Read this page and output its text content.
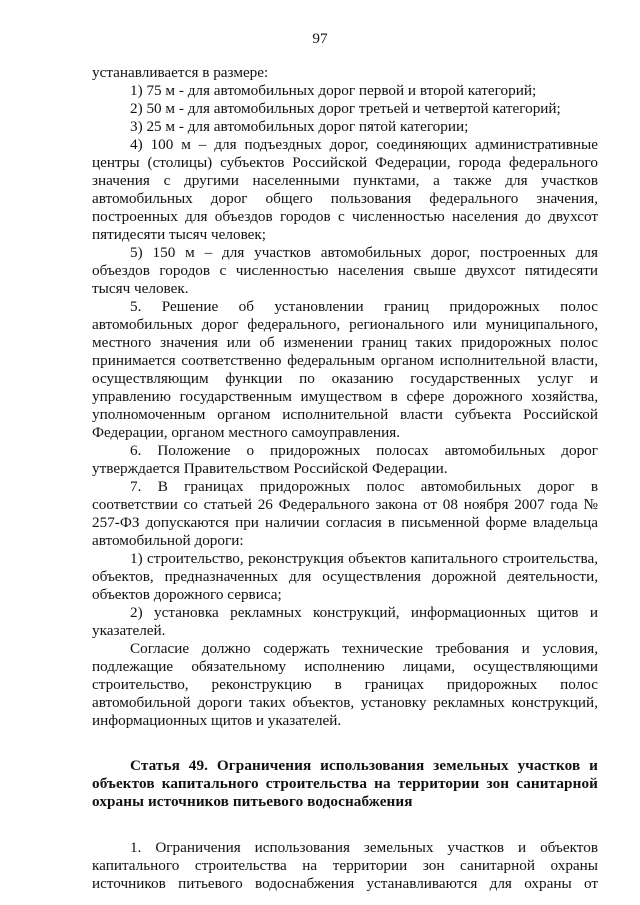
97

устанавливается в размере:

1) 75 м - для автомобильных дорог первой и второй категорий;

2) 50 м - для автомобильных дорог третьей и четвертой категорий;

3) 25 м - для автомобильных дорог пятой категории;

4) 100 м – для подъездных дорог, соединяющих административные центры (столицы) субъектов Российской Федерации, города федерального значения с другими населенными пунктами, а также для участков автомобильных дорог общего пользования федерального значения, построенных для объездов городов с численностью населения до двухсот пятидесяти тысяч человек;

5) 150 м – для участков автомобильных дорог, построенных для объездов городов с численностью населения свыше двухсот пятидесяти тысяч человек.

5. Решение об установлении границ придорожных полос автомобильных дорог федерального, регионального или муниципального, местного значения или об изменении границ таких придорожных полос принимается соответственно федеральным органом исполнительной власти, осуществляющим функции по оказанию государственных услуг и управлению государственным имуществом в сфере дорожного хозяйства, уполномоченным органом исполнительной власти субъекта Российской Федерации, органом местного самоуправления.

6. Положение о придорожных полосах автомобильных дорог утверждается Правительством Российской Федерации.

7. В границах придорожных полос автомобильных дорог в соответствии со статьей 26 Федерального закона от 08 ноября 2007 года № 257-ФЗ допускаются при наличии согласия в письменной форме владельца автомобильной дороги:

1) строительство, реконструкция объектов капитального строительства, объектов, предназначенных для осуществления дорожной деятельности, объектов дорожного сервиса;

2) установка рекламных конструкций, информационных щитов и указателей.

Согласие должно содержать технические требования и условия, подлежащие обязательному исполнению лицами, осуществляющими строительство, реконструкцию в границах придорожных полос автомобильной дороги таких объектов, установку рекламных конструкций, информационных щитов и указателей.

Статья 49. Ограничения использования земельных участков и объектов капитального строительства на территории зон санитарной охраны источников питьевого водоснабжения

1. Ограничения использования земельных участков и объектов капитального строительства на территории зон санитарной охраны источников питьевого водоснабжения устанавливаются для охраны от
